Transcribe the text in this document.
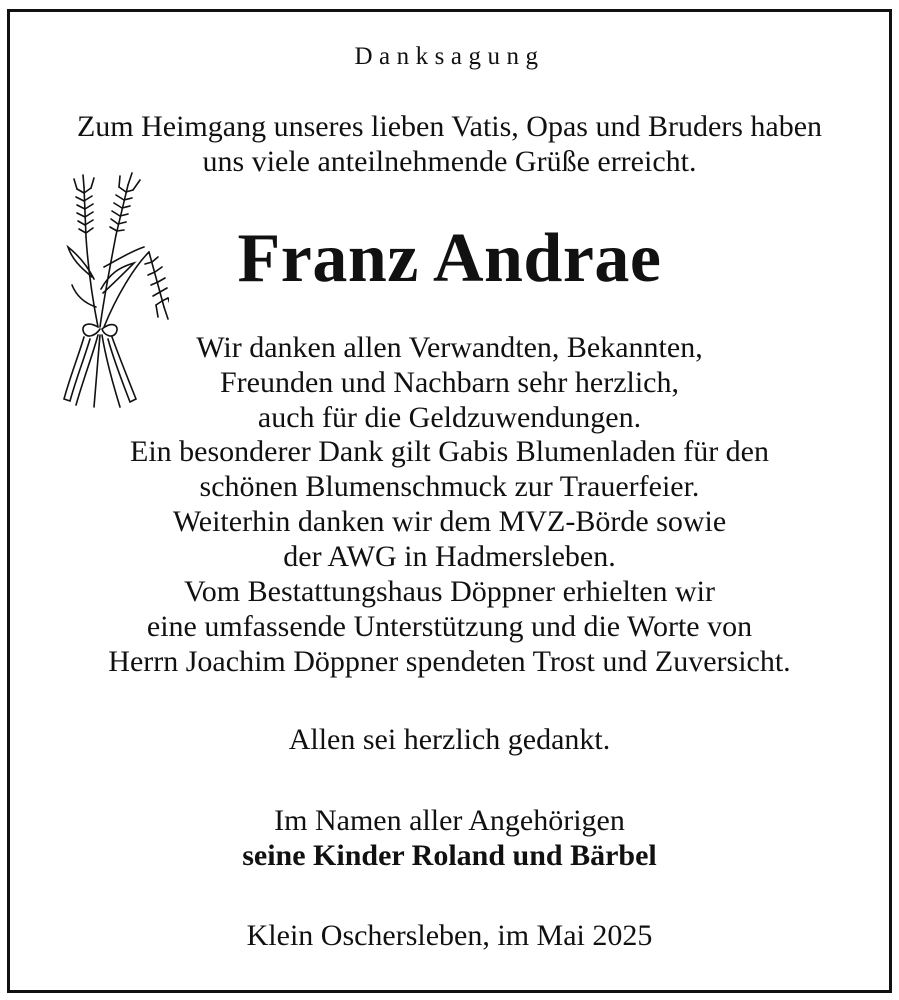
Danksagung
Zum Heimgang unseres lieben Vatis, Opas und Bruders haben
uns viele anteilnehmende Grüße erreicht.
Franz Andrae
Wir danken allen Verwandten, Bekannten,
Freunden und Nachbarn sehr herzlich,
auch für die Geldzuwendungen.
Ein besonderer Dank gilt Gabis Blumenladen für den
schönen Blumenschmuck zur Trauerfeier.
Weiterhin danken wir dem MVZ-Börde sowie
der AWG in Hadmersleben.
Vom Bestattungshaus Döppner erhielten wir
eine umfassende Unterstützung und die Worte von
Herrn Joachim Döppner spendeten Trost und Zuversicht.
Allen sei herzlich gedankt.
Im Namen aller Angehörigen
seine Kinder Roland und Bärbel
Klein Oschersleben, im Mai 2025
